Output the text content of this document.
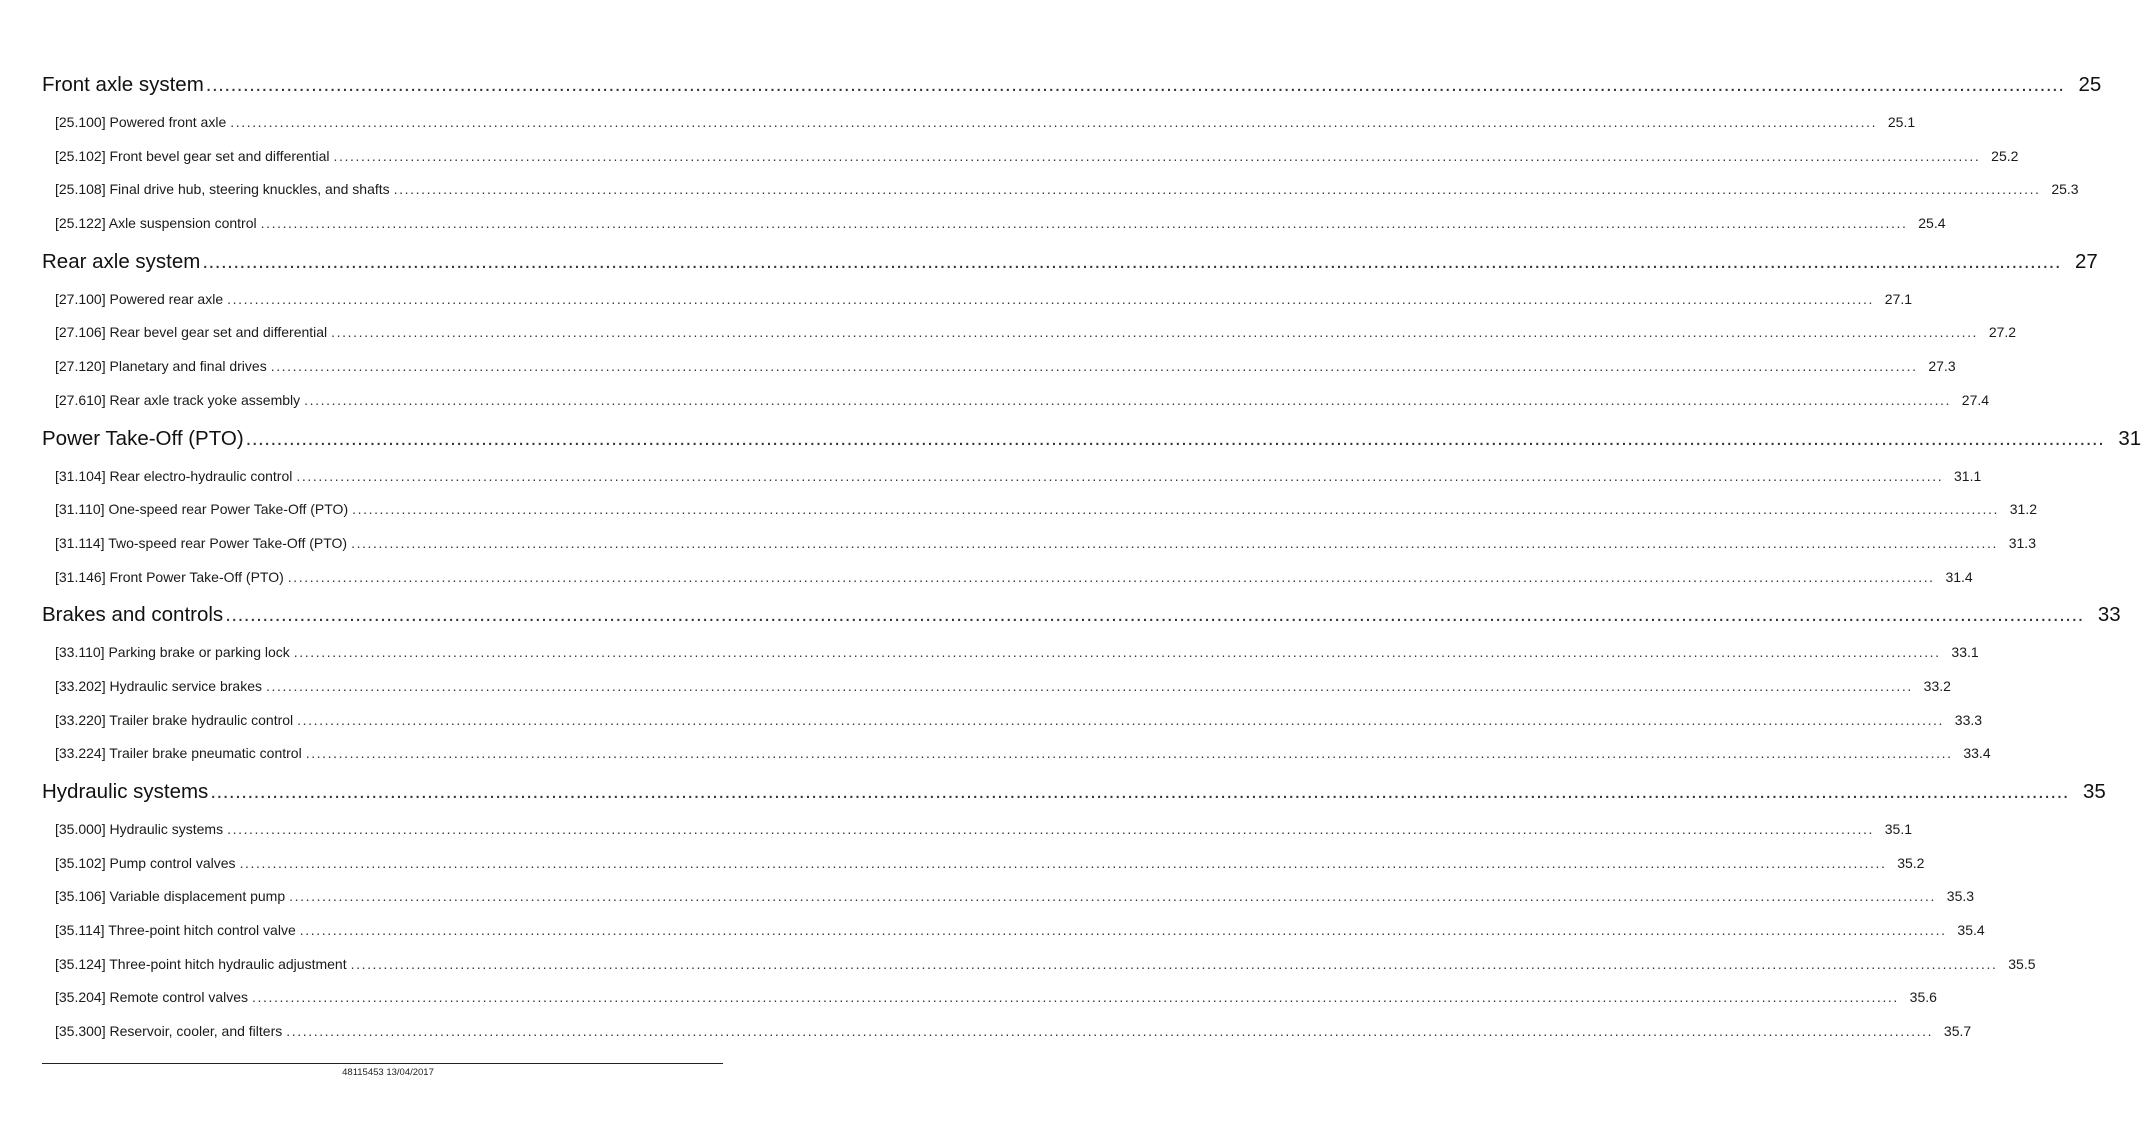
Front axle system ............................................................................................................................................................................................................................................................................................................ 25
[25.100] Powered front axle ............................................................................................................................................................................................................................................................................................................ 25.1
[25.102] Front bevel gear set and differential ............................................................................................................................................................................................................................................................................................................ 25.2
[25.108] Final drive hub, steering knuckles, and shafts ............................................................................................................................................................................................................................................................................................................ 25.3
[25.122] Axle suspension control ............................................................................................................................................................................................................................................................................................................ 25.4
Rear axle system ............................................................................................................................................................................................................................................................................................................ 27
[27.100] Powered rear axle ............................................................................................................................................................................................................................................................................................................ 27.1
[27.106] Rear bevel gear set and differential ............................................................................................................................................................................................................................................................................................................ 27.2
[27.120] Planetary and final drives ............................................................................................................................................................................................................................................................................................................ 27.3
[27.610] Rear axle track yoke assembly ............................................................................................................................................................................................................................................................................................................ 27.4
Power Take-Off (PTO) ............................................................................................................................................................................................................................................................................................................ 31
[31.104] Rear electro-hydraulic control ............................................................................................................................................................................................................................................................................................................ 31.1
[31.110] One-speed rear Power Take-Off (PTO) ............................................................................................................................................................................................................................................................................................................ 31.2
[31.114] Two-speed rear Power Take-Off (PTO) ............................................................................................................................................................................................................................................................................................................ 31.3
[31.146] Front Power Take-Off (PTO) ............................................................................................................................................................................................................................................................................................................ 31.4
Brakes and controls ............................................................................................................................................................................................................................................................................................................ 33
[33.110] Parking brake or parking lock ............................................................................................................................................................................................................................................................................................................ 33.1
[33.202] Hydraulic service brakes ............................................................................................................................................................................................................................................................................................................ 33.2
[33.220] Trailer brake hydraulic control ............................................................................................................................................................................................................................................................................................................ 33.3
[33.224] Trailer brake pneumatic control ............................................................................................................................................................................................................................................................................................................ 33.4
Hydraulic systems ............................................................................................................................................................................................................................................................................................................ 35
[35.000] Hydraulic systems ............................................................................................................................................................................................................................................................................................................ 35.1
[35.102] Pump control valves ............................................................................................................................................................................................................................................................................................................ 35.2
[35.106] Variable displacement pump ............................................................................................................................................................................................................................................................................................................ 35.3
[35.114] Three-point hitch control valve ............................................................................................................................................................................................................................................................................................................ 35.4
[35.124] Three-point hitch hydraulic adjustment ............................................................................................................................................................................................................................................................................................................ 35.5
[35.204] Remote control valves ............................................................................................................................................................................................................................................................................................................ 35.6
[35.300] Reservoir, cooler, and filters ............................................................................................................................................................................................................................................................................................................ 35.7
48115453 13/04/2017
